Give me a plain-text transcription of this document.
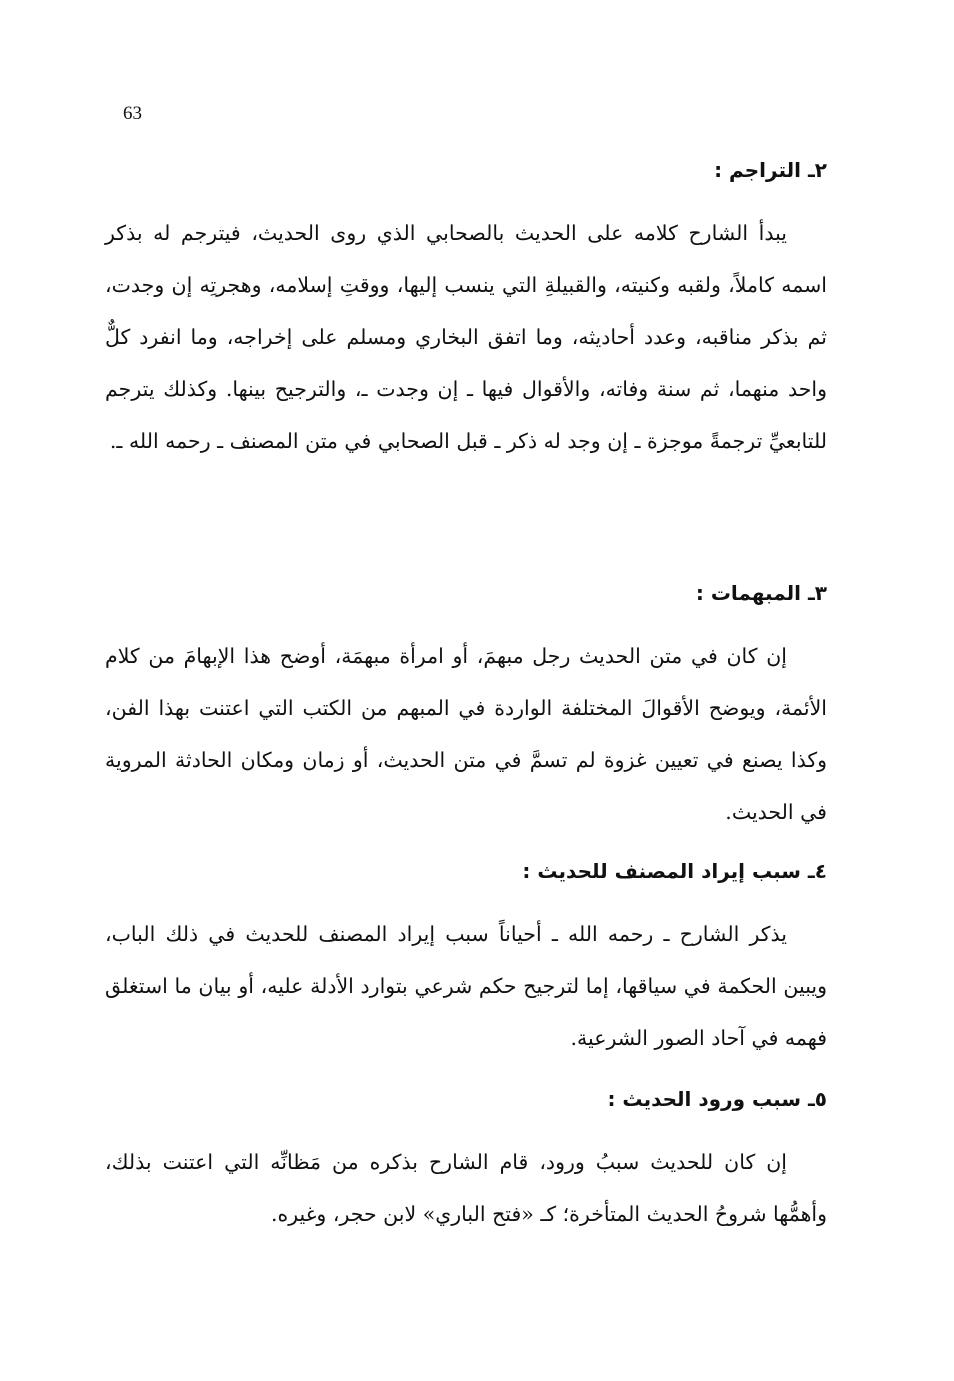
63
٢ـ التراجم :

يبدأ الشارح كلامه على الحديث بالصحابي الذي روى الحديث، فيترجم له بذكر اسمه كاملاً، ولقبه وكنيته، والقبيلةِ التي ينسب إليها، ووقتِ إسلامه، وهجرتِه إن وجدت، ثم بذكر مناقبه، وعدد أحاديثه، وما اتفق البخاري ومسلم على إخراجه، وما انفرد كلٌّ واحد منهما، ثم سنة وفاته، والأقوال فيها ـ إن وجدت ـ، والترجيح بينها. وكذلك يترجم للتابعيِّ ترجمةً موجزة ـ إن وجد له ذكر ـ قبل الصحابي في متن المصنف ـ رحمه الله ـ.

٣ـ المبهمات :

إن كان في متن الحديث رجل مبهمَ، أو امرأة مبهمَة، أوضح هذا الإبهامَ من كلام الأئمة، ويوضح الأقوالَ المختلفة الواردة في المبهم من الكتب التي اعتنت بهذا الفن، وكذا يصنع في تعيين غزوة لم تسمَّ في متن الحديث، أو زمان ومكان الحادثة المروية في الحديث.

٤ـ سبب إيراد المصنف للحديث :

يذكر الشارح ـ رحمه الله ـ أحياناً سبب إيراد المصنف للحديث في ذلك الباب، ويبين الحكمة في سياقها، إما لترجيح حكم شرعي بتوارد الأدلة عليه، أو بيان ما استغلق فهمه في آحاد الصور الشرعية.

٥ـ سبب ورود الحديث :

إن كان للحديث سببُ ورود، قام الشارح بذكره من مَظانِّه التي اعتنت بذلك، وأهمُّها شروحُ الحديث المتأخرة؛ كـ «فتح الباري» لابن حجر، وغيره.
